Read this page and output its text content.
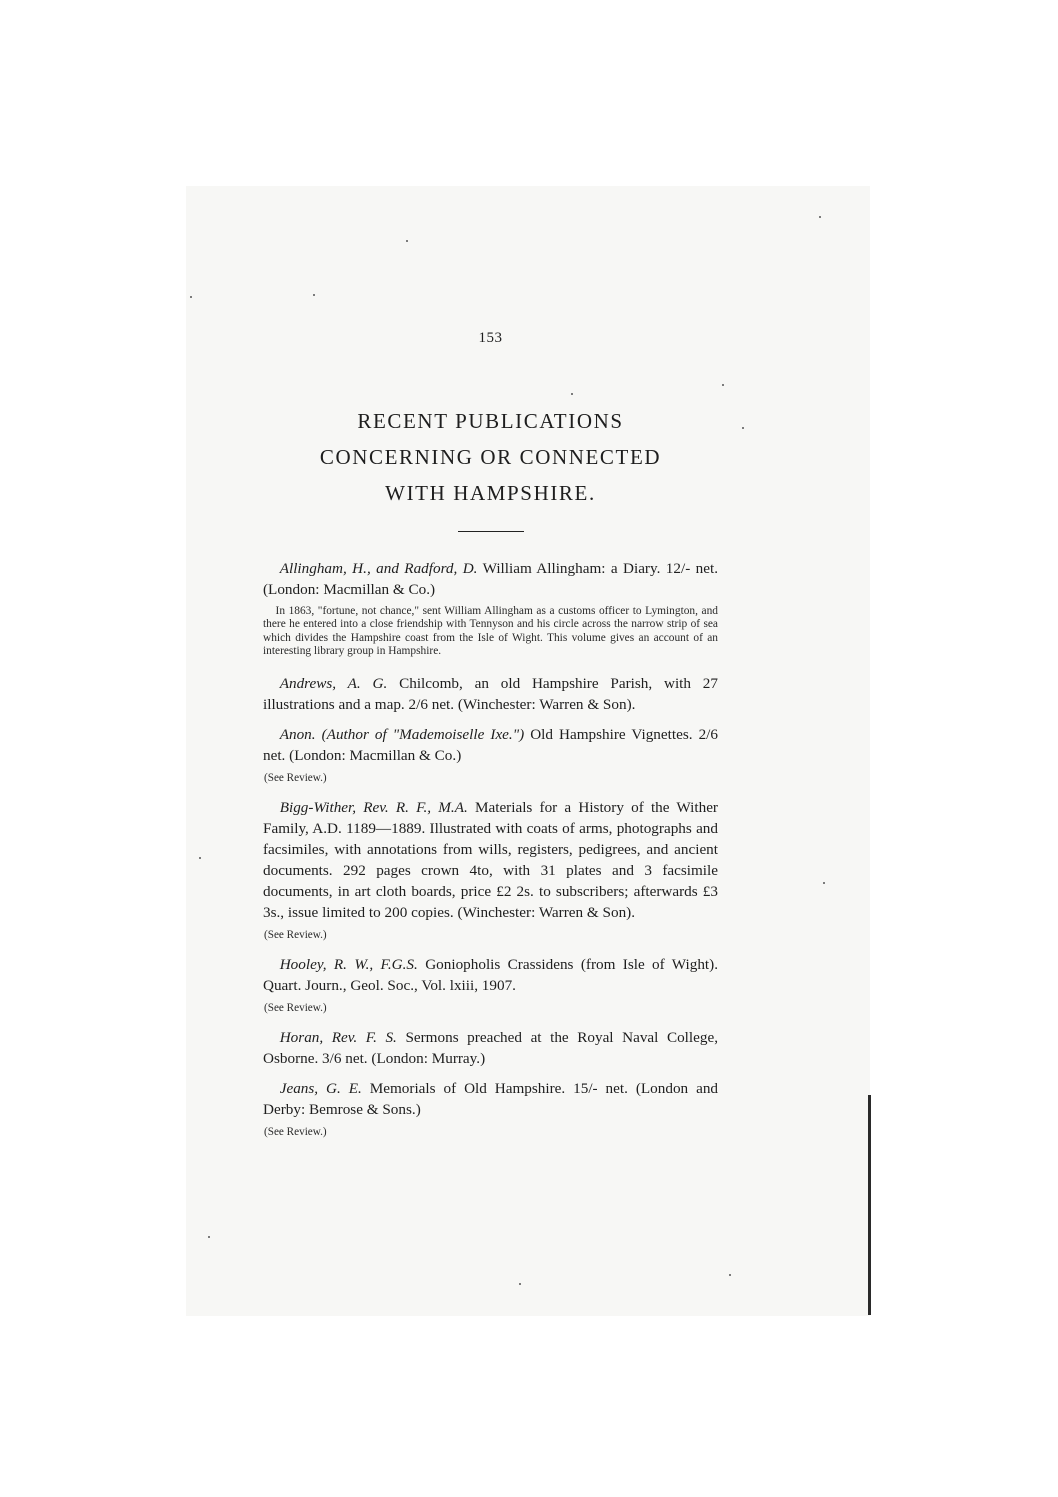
153

RECENT PUBLICATIONS

CONCERNING OR CONNECTED

WITH HAMPSHIRE.

Allingham, H., and Radford, D. William Allingham: a Diary. 12/- net. (London: Macmillan & Co.)

In 1863, "fortune, not chance," sent William Allingham as a customs officer to Lymington, and there he entered into a close friendship with Tennyson and his circle across the narrow strip of sea which divides the Hampshire coast from the Isle of Wight. This volume gives an account of an interesting library group in Hampshire.

Andrews, A. G. Chilcomb, an old Hampshire Parish, with 27 illustrations and a map. 2/6 net. (Winchester: Warren & Son).

Anon. (Author of "Mademoiselle Ixe.") Old Hampshire Vignettes. 2/6 net. (London: Macmillan & Co.)

(See Review.)

Bigg-Wither, Rev. R. F., M.A. Materials for a History of the Wither Family, A.D. 1189—1889. Illustrated with coats of arms, photographs and facsimiles, with annotations from wills, registers, pedigrees, and ancient documents. 292 pages crown 4to, with 31 plates and 3 facsimile documents, in art cloth boards, price £2 2s. to subscribers; afterwards £3 3s., issue limited to 200 copies. (Winchester: Warren & Son).

(See Review.)

Hooley, R. W., F.G.S. Goniopholis Crassidens (from Isle of Wight). Quart. Journ., Geol. Soc., Vol. lxiii, 1907.

(See Review.)

Horan, Rev. F. S. Sermons preached at the Royal Naval College, Osborne. 3/6 net. (London: Murray.)

Jeans, G. E. Memorials of Old Hampshire. 15/- net. (London and Derby: Bemrose & Sons.)

(See Review.)
